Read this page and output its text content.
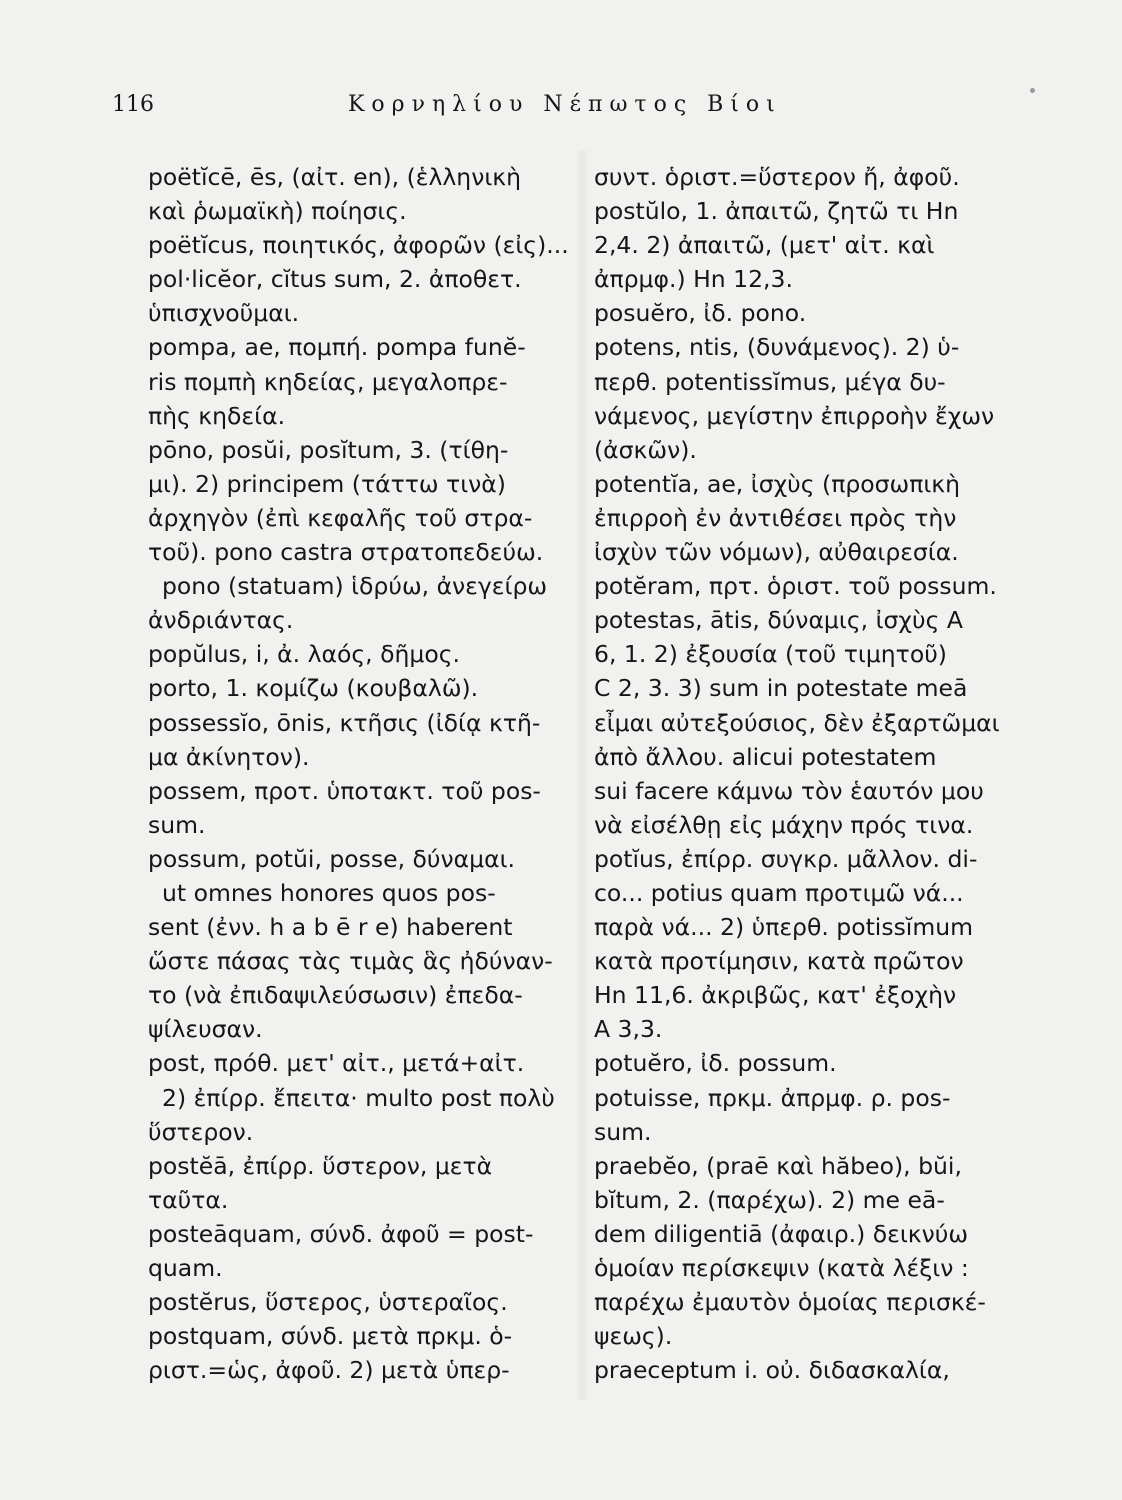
116	Κορνηλίου Νέπωτος Βίοι
poëtĭcē, ēs, (αἰτ. en), (ἑλληνικὴ
καὶ ῥωμαϊκὴ) ποίησις.
poëtĭcus, ποιητικός, ἀφορῶν (εἰς)...
pol·licĕor, cĭtus sum, 2. ἀποθετ.
ὑπισχνοῦμαι.
pompa, ae, πομπή. pompa funĕ-
ris πομπὴ κηδείας, μεγαλοπρε-
πὴς κηδεία.
pōno, posŭi, posĭtum, 3. (τίθη-
μι). 2) principem (τάττω τινὰ)
ἀρχηγὸν (ἐπὶ κεφαλῆς τοῦ στρα-
τοῦ). pono castra στρατοπεδεύω.
pono (statuam) ἱδρύω, ἀνεγείρω
ἀνδριάντας.
popŭlus, i, ἀ. λαός, δῆμος.
porto, 1. κομίζω (κουβαλῶ).
possessĭo, ōnis, κτῆσις (ἰδίᾳ κτῆ-
μα ἀκίνητον).
possem, προτ. ὑποτακτ. τοῦ pos-
sum.
possum, potŭi, posse, δύναμαι.
ut omnes honores quos pos-
sent (ἐνν. h a b ē r e) haberent
ὥστε πάσας τὰς τιμὰς ἃς ἠδύναν-
το (νὰ ἐπιδαψιλεύσωσιν) ἐπεδα-
ψίλευσαν.
post, πρόθ. μετ' αἰτ., μετά+αἰτ.
2) ἐπίρρ. ἔπειτα· multo post πολὺ
ὕστερον.
postĕā, ἐπίρρ. ὕστερον, μετὰ
ταῦτα.
posteāquam, σύνδ. ἀφοῦ = post-
quam.
postĕrus, ὕστερος, ὑστεραῖος.
postquam, σύνδ. μετὰ πρκμ. ὁ-
ριστ.=ὡς, ἀφοῦ. 2) μετὰ ὑπερ-
συντ. ὁριστ.=ὕστερον ἤ, ἀφοῦ.
postŭlo, 1. ἀπαιτῶ, ζητῶ τι Hn
2,4. 2) ἀπαιτῶ, (μετ' αἰτ. καὶ
ἀπρμφ.) Hn 12,3.
posuĕro, ἰδ. pono.
potens, ntis, (δυνάμενος). 2) ὑ-
περθ. potentissĭmus, μέγα δυ-
νάμενος, μεγίστην ἐπιρροὴν ἔχων
(ἀσκῶν).
potentĭa, ae, ἰσχὺς (προσωπικὴ
ἐπιρροὴ ἐν ἀντιθέσει πρὸς τὴν
ἰσχὺν τῶν νόμων), αὐθαιρεσία.
potĕram, πρτ. ὁριστ. τοῦ possum.
potestas, ātis, δύναμις, ἰσχὺς A
6, 1. 2) ἐξουσία (τοῦ τιμητοῦ)
C 2, 3. 3) sum in potestate meā
εἶμαι αὐτεξούσιος, δὲν ἐξαρτῶμαι
ἀπὸ ἄλλου. alicui potestatem
sui facere κάμνω τὸν ἑαυτόν μου
νὰ εἰσέλθῃ εἰς μάχην πρός τινα.
potĭus, ἐπίρρ. συγκρ. μᾶλλον. di-
co... potius quam προτιμῶ νά...
παρὰ νά... 2) ὑπερθ. potissĭmum
κατὰ προτίμησιν, κατὰ πρῶτον
Hn 11,6. ἀκριβῶς, κατ' ἐξοχὴν
A 3,3.
potuĕro, ἰδ. possum.
potuisse, πρκμ. ἀπρμφ. ρ. pos-
sum.
praebĕo, (praē καὶ hăbeo), bŭi,
bĭtum, 2. (παρέχω). 2) me eā-
dem diligentiā (ἀφαιρ.) δεικνύω
ὁμοίαν περίσκεψιν (κατὰ λέξιν :
παρέχω ἐμαυτὸν ὁμοίας περισκέ-
ψεως).
praeceptum i. οὐ. διδασκαλία,
